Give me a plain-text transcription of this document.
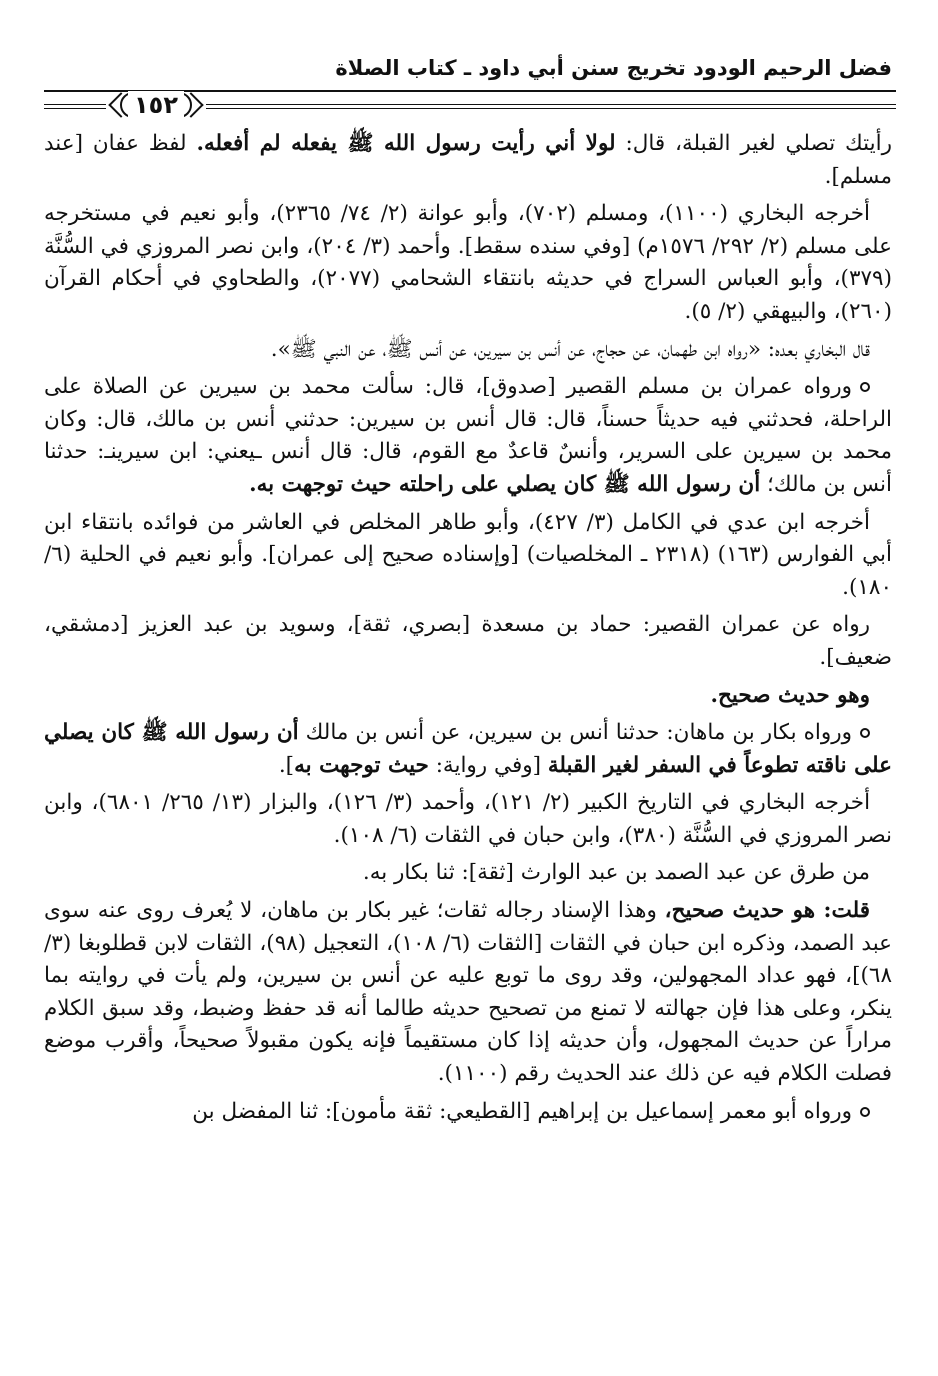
فضل الرحيم الودود تخريج سنن أبي داود ـ كتاب الصلاة
١٥٢

رأيتك تصلي لغير القبلة، قال: لولا أني رأيت رسول الله ﷺ يفعله لم أفعله. لفظ عفان [عند مسلم].

أخرجه البخاري (١١٠٠)، ومسلم (٧٠٢)، وأبو عوانة (٢/ ٧٤/ ٢٣٦٥)، وأبو نعيم في مستخرجه على مسلم (٢/ ٢٩٢/ ١٥٧٦م) [وفي سنده سقط]. وأحمد (٣/ ٢٠٤)، وابن نصر المروزي في السُّنَّة (٣٧٩)، وأبو العباس السراج في حديثه بانتقاء الشحامي (٢٠٧٧)، والطحاوي في أحكام القرآن (٢٦٠)، والبيهقي (٢/ ٥).

قال البخاري بعده: «رواه ابن طهمان، عن حجاج، عن أنس بن سيرين، عن أنس ﷺ، عن النبي ﷺ».

ورواه عمران بن مسلم القصير [صدوق]، قال: سألت محمد بن سيرين عن الصلاة على الراحلة، فحدثني فيه حديثاً حسناً، قال: قال أنس بن سيرين: حدثني أنس بن مالك، قال: وكان محمد بن سيرين على السرير، وأنسٌ قاعدٌ مع القوم، قال: قال أنس ـيعني: ابن سيرينـ: حدثنا أنس بن مالك؛ أن رسول الله ﷺ كان يصلي على راحلته حيث توجهت به.

أخرجه ابن عدي في الكامل (٣/ ٤٢٧)، وأبو طاهر المخلص في العاشر من فوائده بانتقاء ابن أبي الفوارس (١٦٣) (٢٣١٨ ـ المخلصيات) [وإسناده صحيح إلى عمران]. وأبو نعيم في الحلية (٦/ ١٨٠).

رواه عن عمران القصير: حماد بن مسعدة [بصري، ثقة]، وسويد بن عبد العزيز [دمشقي، ضعيف].

وهو حديث صحيح.

ورواه بكار بن ماهان: حدثنا أنس بن سيرين، عن أنس بن مالك أن رسول الله ﷺ كان يصلي على ناقته تطوعاً في السفر لغير القبلة [وفي رواية: حيث توجهت به].

أخرجه البخاري في التاريخ الكبير (٢/ ١٢١)، وأحمد (٣/ ١٢٦)، والبزار (١٣/ ٢٦٥/ ٦٨٠١)، وابن نصر المروزي في السُّنَّة (٣٨٠)، وابن حبان في الثقات (٦/ ١٠٨).

من طرق عن عبد الصمد بن عبد الوارث [ثقة]: ثنا بكار به.

قلت: هو حديث صحيح، وهذا الإسناد رجاله ثقات؛ غير بكار بن ماهان، لا يُعرف روى عنه سوى عبد الصمد، وذكره ابن حبان في الثقات [الثقات (٦/ ١٠٨)، التعجيل (٩٨)، الثقات لابن قطلوبغا (٣/ ٦٨)]، فهو عداد المجهولين، وقد روى ما توبع عليه عن أنس بن سيرين، ولم يأت في روايته بما ينكر، وعلى هذا فإن جهالته لا تمنع من تصحيح حديثه طالما أنه قد حفظ وضبط، وقد سبق الكلام مراراً عن حديث المجهول، وأن حديثه إذا كان مستقيماً فإنه يكون مقبولاً صحيحاً، وأقرب موضع فصلت الكلام فيه عن ذلك عند الحديث رقم (١١٠٠).

ورواه أبو معمر إسماعيل بن إبراهيم [القطيعي: ثقة مأمون]: ثنا المفضل بن
